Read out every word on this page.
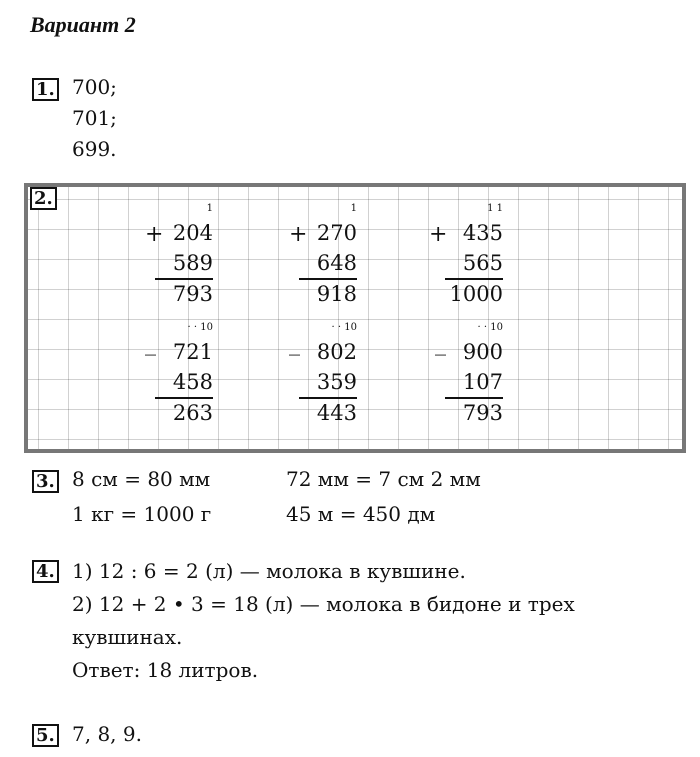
Вариант 2
1. 700;
701;
699.
2.	1
+ 204
589
793
1
+ 270
648
918
1 1
+ 435
565
1000
· · 10
_ 721
458
263
· · 10
_ 802
359
443
· · 10
_ 900
107
793
3. 8 см = 80 мм	72 мм = 7 см 2 мм
1 кг = 1000 г	45 м = 450 дм
4. 1) 12 : 6 = 2 (л) — молока в кувшине.
2) 12 + 2 • 3 = 18 (л) — молока в бидоне и трех
кувшинах.
Ответ: 18 литров.
5. 7, 8, 9.
